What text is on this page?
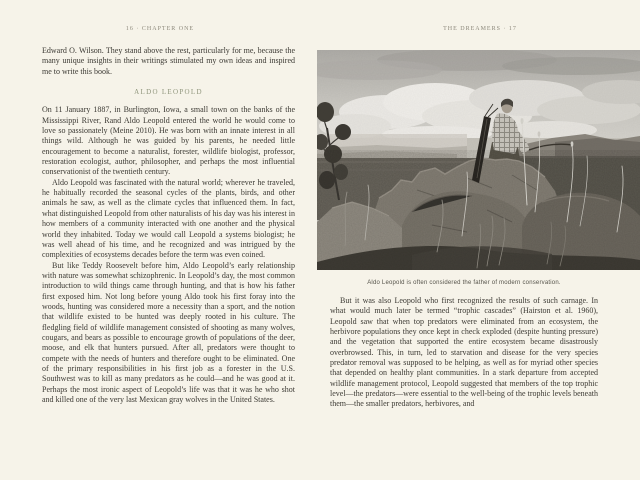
16 · CHAPTER ONE	THE DREAMERS · 17

Edward O. Wilson. They stand above the rest, particularly for me, because the many unique insights in their writings stimulated my own ideas and inspired me to write this book.

ALDO LEOPOLD

On 11 January 1887, in Burlington, Iowa, a small town on the banks of the Mississippi River, Rand Aldo Leopold entered the world he would come to love so passionately (Meine 2010). He was born with an innate interest in all things wild. Although he was guided by his parents, he needed little encouragement to become a naturalist, forester, wildlife biologist, professor, restoration ecologist, author, philosopher, and perhaps the most influential conservationist of the twentieth century.

Aldo Leopold was fascinated with the natural world; wherever he traveled, he habitually recorded the seasonal cycles of the plants, birds, and other animals he saw, as well as the climate cycles that influenced them. In fact, what distinguished Leopold from other naturalists of his day was his interest in how members of a community interacted with one another and the physical world they inhabited. Today we would call Leopold a systems biologist; he was well ahead of his time, and he recognized and was intrigued by the complexities of ecosystems decades before the term was even coined.

But like Teddy Roosevelt before him, Aldo Leopold’s early relationship with nature was somewhat schizophrenic. In Leopold’s day, the most common introduction to wild things came through hunting, and that is how his father first exposed him. Not long before young Aldo took his first foray into the woods, hunting was considered more a necessity than a sport, and the notion that wildlife existed to be hunted was deeply rooted in his culture. The fledgling field of wildlife management consisted of shooting as many wolves, cougars, and bears as possible to encourage growth of populations of the deer, moose, and elk that hunters pursued. After all, predators were thought to compete with the needs of hunters and therefore ought to be eliminated. One of the primary responsibilities in his first job as a forester in the U.S. Southwest was to kill as many predators as he could—and he was good at it. Perhaps the most ironic aspect of Leopold’s life was that it was he who shot and killed one of the very last Mexican gray wolves in the United States.

Aldo Leopold is often considered the father of modern conservation.

But it was also Leopold who first recognized the results of such carnage. In what would much later be termed “trophic cascades” (Hairston et al. 1960), Leopold saw that when top predators were eliminated from an ecosystem, the herbivore populations they once kept in check exploded (despite hunting pressure) and the vegetation that supported the entire ecosystem became disastrously overbrowsed. This, in turn, led to starvation and disease for the very species predator removal was supposed to be helping, as well as for myriad other species that depended on healthy plant communities. In a stark departure from accepted wildlife management protocol, Leopold suggested that members of the top trophic level—the predators—were essential to the well-being of the trophic levels beneath them—the smaller predators, herbivores, and
